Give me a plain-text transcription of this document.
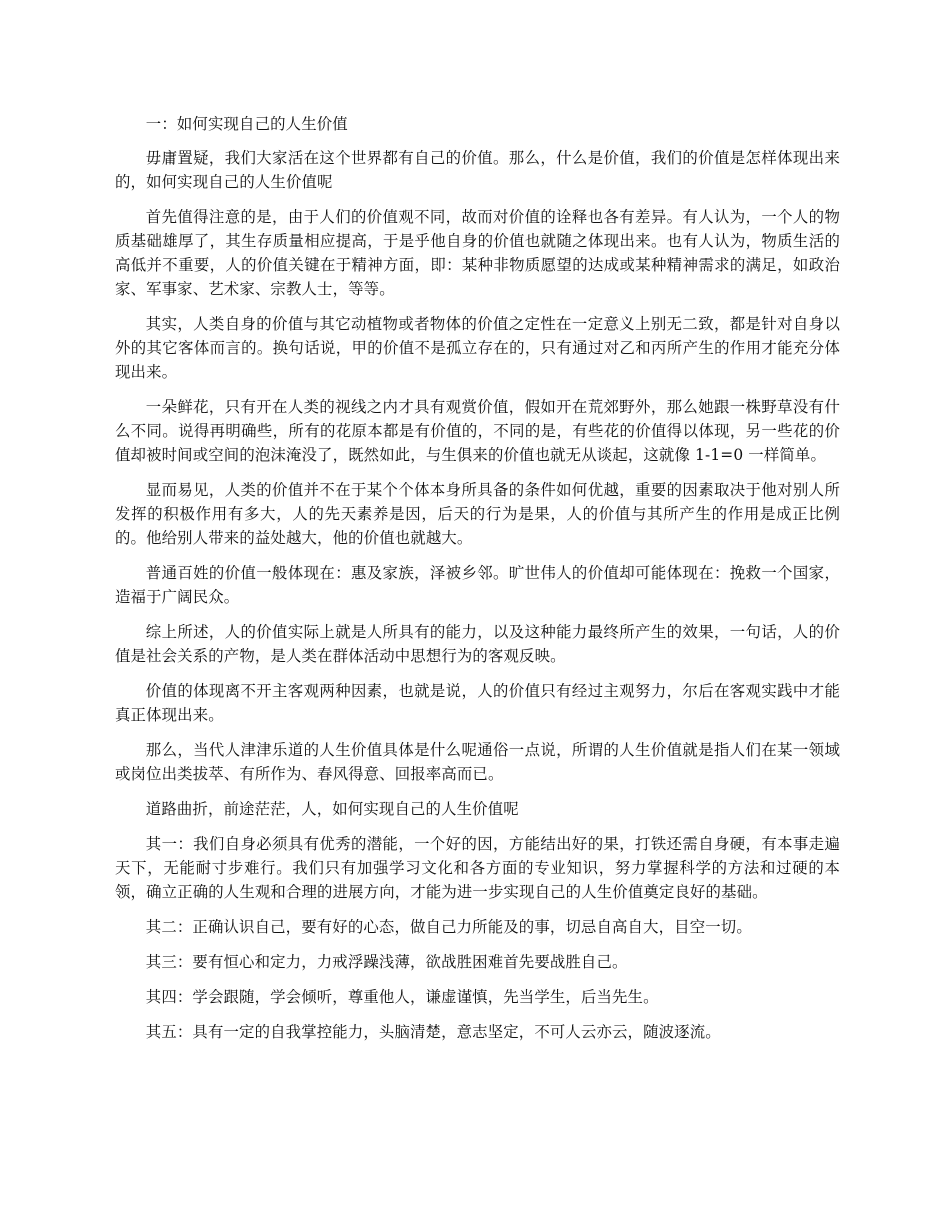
一：如何实现自己的人生价值

毋庸置疑，我们大家活在这个世界都有自己的价值。那么，什么是价值，我们的价值是怎样体现出来的，如何实现自己的人生价值呢

首先值得注意的是，由于人们的价值观不同，故而对价值的诠释也各有差异。有人认为，一个人的物质基础雄厚了，其生存质量相应提高，于是乎他自身的价值也就随之体现出来。也有人认为，物质生活的高低并不重要，人的价值关键在于精神方面，即：某种非物质愿望的达成或某种精神需求的满足，如政治家、军事家、艺术家、宗教人士，等等。

其实，人类自身的价值与其它动植物或者物体的价值之定性在一定意义上别无二致，都是针对自身以外的其它客体而言的。换句话说，甲的价值不是孤立存在的，只有通过对乙和丙所产生的作用才能充分体现出来。

一朵鲜花，只有开在人类的视线之内才具有观赏价值，假如开在荒郊野外，那么她跟一株野草没有什么不同。说得再明确些，所有的花原本都是有价值的，不同的是，有些花的价值得以体现，另一些花的价值却被时间或空间的泡沫淹没了，既然如此，与生俱来的价值也就无从谈起，这就像 1-1=0 一样简单。

显而易见，人类的价值并不在于某个个体本身所具备的条件如何优越，重要的因素取决于他对别人所发挥的积极作用有多大，人的先天素养是因，后天的行为是果，人的价值与其所产生的作用是成正比例的。他给别人带来的益处越大，他的价值也就越大。

普通百姓的价值一般体现在：惠及家族，泽被乡邻。旷世伟人的价值却可能体现在：挽救一个国家，造福于广阔民众。

综上所述，人的价值实际上就是人所具有的能力，以及这种能力最终所产生的效果，一句话，人的价值是社会关系的产物，是人类在群体活动中思想行为的客观反映。

价值的体现离不开主客观两种因素，也就是说，人的价值只有经过主观努力，尔后在客观实践中才能真正体现出来。

那么，当代人津津乐道的人生价值具体是什么呢通俗一点说，所谓的人生价值就是指人们在某一领域或岗位出类拔萃、有所作为、春风得意、回报率高而已。

道路曲折，前途茫茫，人，如何实现自己的人生价值呢

其一：我们自身必须具有优秀的潜能，一个好的因，方能结出好的果，打铁还需自身硬，有本事走遍天下，无能耐寸步难行。我们只有加强学习文化和各方面的专业知识，努力掌握科学的方法和过硬的本领，确立正确的人生观和合理的进展方向，才能为进一步实现自己的人生价值奠定良好的基础。

其二：正确认识自己，要有好的心态，做自己力所能及的事，切忌自高自大，目空一切。

其三：要有恒心和定力，力戒浮躁浅薄，欲战胜困难首先要战胜自己。

其四：学会跟随，学会倾听，尊重他人，谦虚谨慎，先当学生，后当先生。

其五：具有一定的自我掌控能力，头脑清楚，意志坚定，不可人云亦云，随波逐流。
